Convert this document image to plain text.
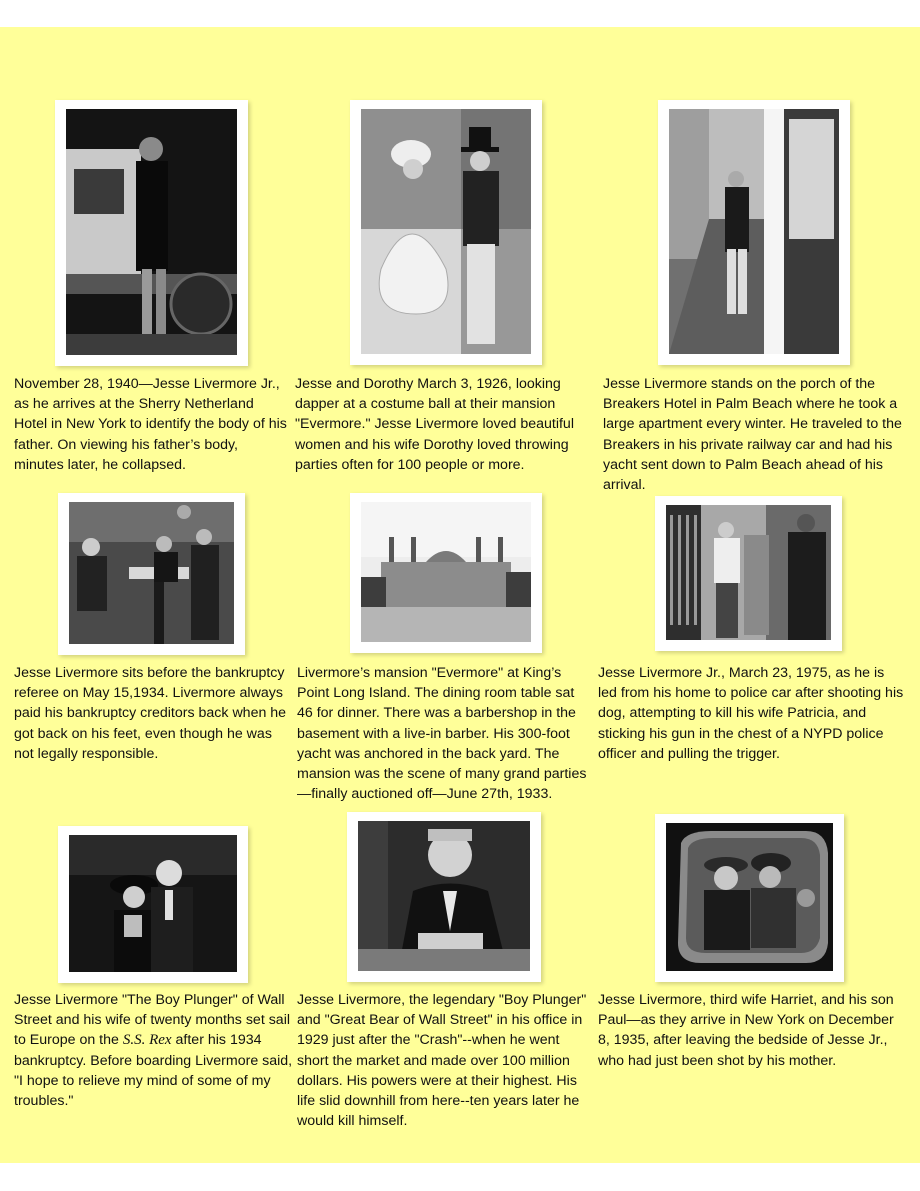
November 28, 1940—Jesse Livermore Jr., as he arrives at the Sherry Netherland Hotel in New York to identify the body of his father. On viewing his father’s body, minutes later, he collapsed.

Jesse and Dorothy March 3, 1926, looking dapper at a costume ball at their mansion "Evermore." Jesse Livermore loved beautiful women and his wife Dorothy loved throwing parties often for 100 people or more.

Jesse Livermore stands on the porch of the Breakers Hotel in Palm Beach where he took a large apartment every winter. He traveled to the Breakers in his private railway car and had his yacht sent down to Palm Beach ahead of his arrival.

Jesse Livermore sits before the bankruptcy referee on May 15,1934. Livermore always paid his bankruptcy creditors back when he got back on his feet, even though he was not legally responsible.

Livermore’s mansion "Evermore" at King’s Point Long Island. The dining room table sat 46 for dinner. There was a barbershop in the basement with a live-in barber. His 300-foot yacht was anchored in the back yard. The mansion was the scene of many grand parties—finally auctioned off—June 27th, 1933.

Jesse Livermore Jr., March 23, 1975, as he is led from his home to police car after shooting his dog, attempting to kill his wife Patricia, and sticking his gun in the chest of a NYPD police officer and pulling the trigger.

Jesse Livermore "The Boy Plunger" of Wall Street and his wife of twenty months set sail to Europe on the S.S. Rex after his 1934 bankruptcy. Before boarding Livermore said, "I hope to relieve my mind of some of my troubles."

Jesse Livermore, the legendary "Boy Plunger" and "Great Bear of Wall Street" in his office in 1929 just after the "Crash"--when he went short the market and made over 100 million dollars. His powers were at their highest. His life slid downhill from here--ten years later he would kill himself.

Jesse Livermore, third wife Harriet, and his son Paul—as they arrive in New York on December 8, 1935, after leaving the bedside of Jesse Jr., who had just been shot by his mother.
